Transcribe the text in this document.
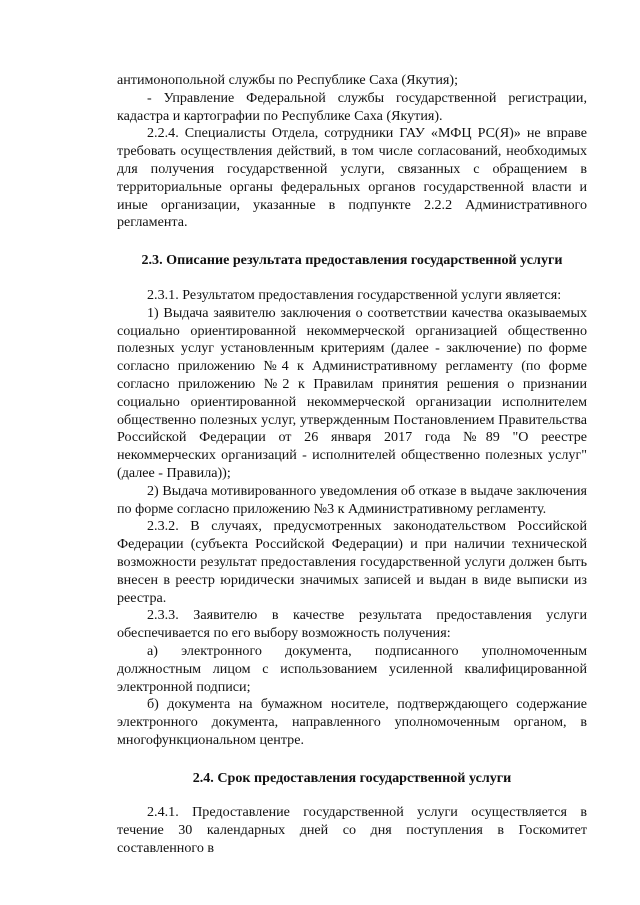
антимонопольной службы по Республике Саха (Якутия);

- Управление Федеральной службы государственной регистрации, кадастра и картографии по Республике Саха (Якутия).

2.2.4. Специалисты Отдела, сотрудники ГАУ «МФЦ РС(Я)» не вправе требовать осуществления действий, в том числе согласований, необходимых для получения государственной услуги, связанных с обращением в территориальные органы федеральных органов государственной власти и иные организации, указанные в подпункте 2.2.2 Административного регламента.

2.3. Описание результата предоставления государственной услуги

2.3.1. Результатом предоставления государственной услуги является:

1) Выдача заявителю заключения о соответствии качества оказываемых социально ориентированной некоммерческой организацией общественно полезных услуг установленным критериям (далее - заключение) по форме согласно приложению №4 к Административному регламенту (по форме согласно приложению №2 к Правилам принятия решения о признании социально ориентированной некоммерческой организации исполнителем общественно полезных услуг, утвержденным Постановлением Правительства Российской Федерации от 26 января 2017 года №89 "О реестре некоммерческих организаций - исполнителей общественно полезных услуг" (далее - Правила));

2) Выдача мотивированного уведомления об отказе в выдаче заключения по форме согласно приложению №3 к Административному регламенту.

2.3.2. В случаях, предусмотренных законодательством Российской Федерации (субъекта Российской Федерации) и при наличии технической возможности результат предоставления государственной услуги должен быть внесен в реестр юридически значимых записей и выдан в виде выписки из реестра.

2.3.3. Заявителю в качестве результата предоставления услуги обеспечивается по его выбору возможность получения:

а) электронного документа, подписанного уполномоченным должностным лицом с использованием усиленной квалифицированной электронной подписи;

б) документа на бумажном носителе, подтверждающего содержание электронного документа, направленного уполномоченным органом, в многофункциональном центре.

2.4. Срок предоставления государственной услуги

2.4.1. Предоставление государственной услуги осуществляется в течение 30 календарных дней со дня поступления в Госкомитет составленного в
